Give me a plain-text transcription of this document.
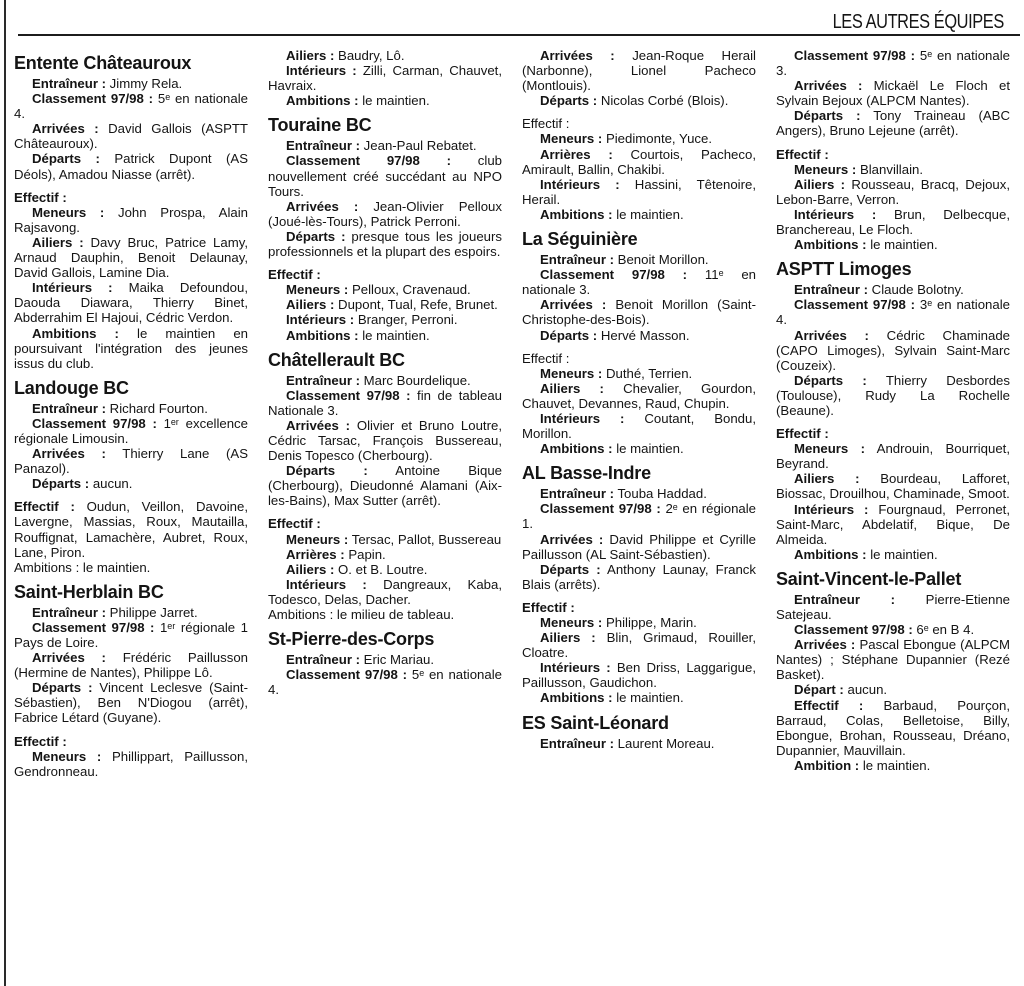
LES AUTRES ÉQUIPES
Entente Châteauroux

Entraîneur : Jimmy Rela.

Classement 97/98 : 5ᵉ en nationale 4.

Arrivées : David Gallois (ASPTT Châteauroux).

Départs : Patrick Dupont (AS Déols), Amadou Niasse (arrêt).

Effectif :

Meneurs : John Prospa, Alain Rajsavong.

Ailiers : Davy Bruc, Patrice Lamy, Arnaud Dauphin, Benoit Delaunay, David Gallois, Lamine Dia.

Intérieurs : Maika Defoundou, Daouda Diawara, Thierry Binet, Abderrahim El Hajoui, Cédric Verdon.

Ambitions : le maintien en poursuivant l'intégration des jeunes issus du club.

Landouge BC

Entraîneur : Richard Fourton.

Classement 97/98 : 1ᵉʳ excellence régionale Limousin.

Arrivées : Thierry Lane (AS Panazol).

Départs : aucun.

Effectif : Oudun, Veillon, Davoine, Lavergne, Massias, Roux, Mautailla, Rouffignat, Lamachère, Aubret, Roux, Lane, Piron.

Ambitions : le maintien.

Saint-Herblain BC

Entraîneur : Philippe Jarret.

Classement 97/98 : 1ᵉʳ régionale 1 Pays de Loire.

Arrivées : Frédéric Paillusson (Hermine de Nantes), Philippe Lô.

Départs : Vincent Leclesve (Saint-Sébastien), Ben N'Diogou (arrêt), Fabrice Létard (Guyane).

Effectif :

Meneurs : Phillippart, Paillusson, Gendronneau.

Ailiers : Baudry, Lô.

Intérieurs : Zilli, Carman, Chauvet, Havraix.

Ambitions : le maintien.

Touraine BC

Entraîneur : Jean-Paul Rebatet.

Classement 97/98 : club nouvellement créé succédant au NPO Tours.

Arrivées : Jean-Olivier Pelloux (Joué-lès-Tours), Patrick Perroni.

Départs : presque tous les joueurs professionnels et la plupart des espoirs.

Effectif :

Meneurs : Pelloux, Cravenaud.

Ailiers : Dupont, Tual, Refe, Brunet.

Intérieurs : Branger, Perroni.

Ambitions : le maintien.

Châtellerault BC

Entraîneur : Marc Bourdelique.

Classement 97/98 : fin de tableau Nationale 3.

Arrivées : Olivier et Bruno Loutre, Cédric Tarsac, François Bussereau, Denis Topesco (Cherbourg).

Départs : Antoine Bique (Cherbourg), Dieudonné Alamani (Aix-les-Bains), Max Sutter (arrêt).

Effectif :

Meneurs : Tersac, Pallot, Bussereau

Arrières : Papin.

Ailiers : O. et B. Loutre.

Intérieurs : Dangreaux, Kaba, Todesco, Delas, Dacher.

Ambitions : le milieu de tableau.

St-Pierre-des-Corps

Entraîneur : Eric Mariau.

Classement 97/98 : 5ᵉ en nationale 4.

Arrivées : Jean-Roque Herail (Narbonne), Lionel Pacheco (Montlouis).

Départs : Nicolas Corbé (Blois).

Effectif :

Meneurs : Piedimonte, Yuce.

Arrières : Courtois, Pacheco, Amirault, Ballin, Chakibi.

Intérieurs : Hassini, Têtenoire, Herail.

Ambitions : le maintien.

La Séguinière

Entraîneur : Benoit Morillon.

Classement 97/98 : 11ᵉ en nationale 3.

Arrivées : Benoit Morillon (Saint-Christophe-des-Bois).

Départs : Hervé Masson.

Effectif :

Meneurs : Duthé, Terrien.

Ailiers : Chevalier, Gourdon, Chauvet, Devannes, Raud, Chupin.

Intérieurs : Coutant, Bondu, Morillon.

Ambitions : le maintien.

AL Basse-Indre

Entraîneur : Touba Haddad.

Classement 97/98 : 2ᵉ en régionale 1.

Arrivées : David Philippe et Cyrille Paillusson (AL Saint-Sébastien).

Départs : Anthony Launay, Franck Blais (arrêts).

Effectif :

Meneurs : Philippe, Marin.

Ailiers : Blin, Grimaud, Rouiller, Cloatre.

Intérieurs : Ben Driss, Laggarigue, Paillusson, Gaudichon.

Ambitions : le maintien.

ES Saint-Léonard

Entraîneur : Laurent Moreau.

Classement 97/98 : 5ᵉ en nationale 3.

Arrivées : Mickaël Le Floch et Sylvain Bejoux (ALPCM Nantes).

Départs : Tony Traineau (ABC Angers), Bruno Lejeune (arrêt).

Effectif :

Meneurs : Blanvillain.

Ailiers : Rousseau, Bracq, Dejoux, Lebon-Barre, Verron.

Intérieurs : Brun, Delbecque, Branchereau, Le Floch.

Ambitions : le maintien.

ASPTT Limoges

Entraîneur : Claude Bolotny.

Classement 97/98 : 3ᵉ en nationale 4.

Arrivées : Cédric Chaminade (CAPO Limoges), Sylvain Saint-Marc (Couzeix).

Départs : Thierry Desbordes (Toulouse), Rudy La Rochelle (Beaune).

Effectif :

Meneurs : Androuin, Bourriquet, Beyrand.

Ailiers : Bourdeau, Lafforet, Biossac, Drouilhou, Chaminade, Smoot.

Intérieurs : Fourgnaud, Perronet, Saint-Marc, Abdelatif, Bique, De Almeida.

Ambitions : le maintien.

Saint-Vincent-le-Pallet

Entraîneur : Pierre-Etienne Satejeau.

Classement 97/98 : 6ᵉ en B 4.

Arrivées : Pascal Ebongue (ALPCM Nantes) ; Stéphane Dupannier (Rezé Basket).

Départ : aucun.

Effectif : Barbaud, Pourçon, Barraud, Colas, Belletoise, Billy, Ebongue, Brohan, Rousseau, Dréano, Dupannier, Mauvillain.

Ambition : le maintien.
